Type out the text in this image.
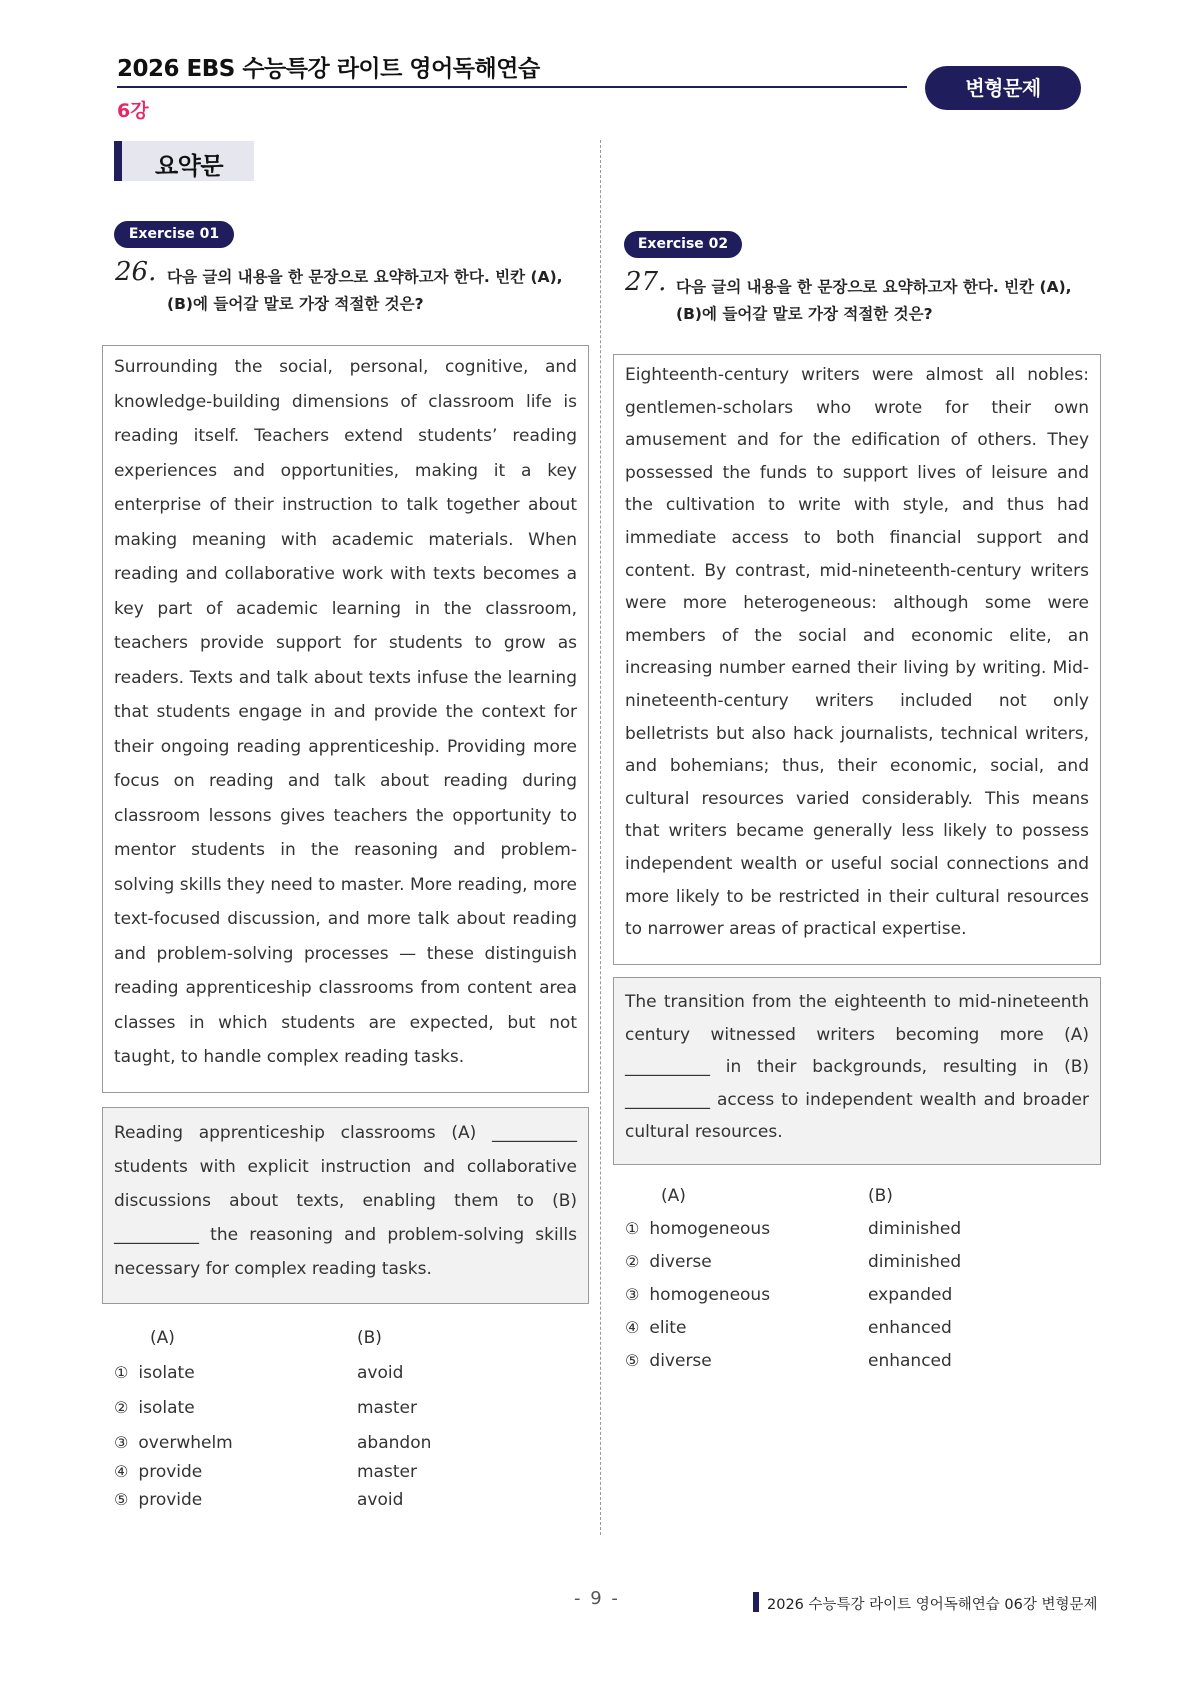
2026 EBS 수능특강 라이트 영어독해연습
6강
변형문제
요약문
Exercise 01
26. 다음 글의 내용을 한 문장으로 요약하고자 한다. 빈칸 (A),
(B)에 들어갈 말로 가장 적절한 것은?

Surrounding the social, personal, cognitive, and knowledge-building dimensions of classroom life is reading itself. Teachers extend students’ reading experiences and opportunities, making it a key enterprise of their instruction to talk together about making meaning with academic materials. When reading and collaborative work with texts becomes a key part of academic learning in the classroom, teachers provide support for students to grow as readers. Texts and talk about texts infuse the learning that students engage in and provide the context for their ongoing reading apprenticeship. Providing more focus on reading and talk about reading during classroom lessons gives teachers the opportunity to mentor students in the reasoning and problem-solving skills they need to master. More reading, more text-focused discussion, and more talk about reading and problem-solving processes — these distinguish reading apprenticeship classrooms from content area classes in which students are expected, but not taught, to handle complex reading tasks.

Reading apprenticeship classrooms (A) __________ students with explicit instruction and collaborative discussions about texts, enabling them to (B) __________ the reasoning and problem-solving skills necessary for complex reading tasks.

(A)	(B)
① isolate	avoid
② isolate	master
③ overwhelm	abandon
④ provide	master
⑤ provide	avoid
Exercise 02
27. 다음 글의 내용을 한 문장으로 요약하고자 한다. 빈칸 (A),
(B)에 들어갈 말로 가장 적절한 것은?

Eighteenth-century writers were almost all nobles: gentlemen-scholars who wrote for their own amusement and for the edification of others. They possessed the funds to support lives of leisure and the cultivation to write with style, and thus had immediate access to both financial support and content. By contrast, mid-nineteenth-century writers were more heterogeneous: although some were members of the social and economic elite, an increasing number earned their living by writing. Mid-nineteenth-century writers included not only belletrists but also hack journalists, technical writers, and bohemians; thus, their economic, social, and cultural resources varied considerably. This means that writers became generally less likely to possess independent wealth or useful social connections and more likely to be restricted in their cultural resources to narrower areas of practical expertise.

The transition from the eighteenth to mid-nineteenth century witnessed writers becoming more (A) __________ in their backgrounds, resulting in (B) __________ access to independent wealth and broader cultural resources.

(A)	(B)
① homogeneous	diminished
② diverse	diminished
③ homogeneous	expanded
④ elite	enhanced
⑤ diverse	enhanced
- 9 -	2026 수능특강 라이트 영어독해연습 06강 변형문제
